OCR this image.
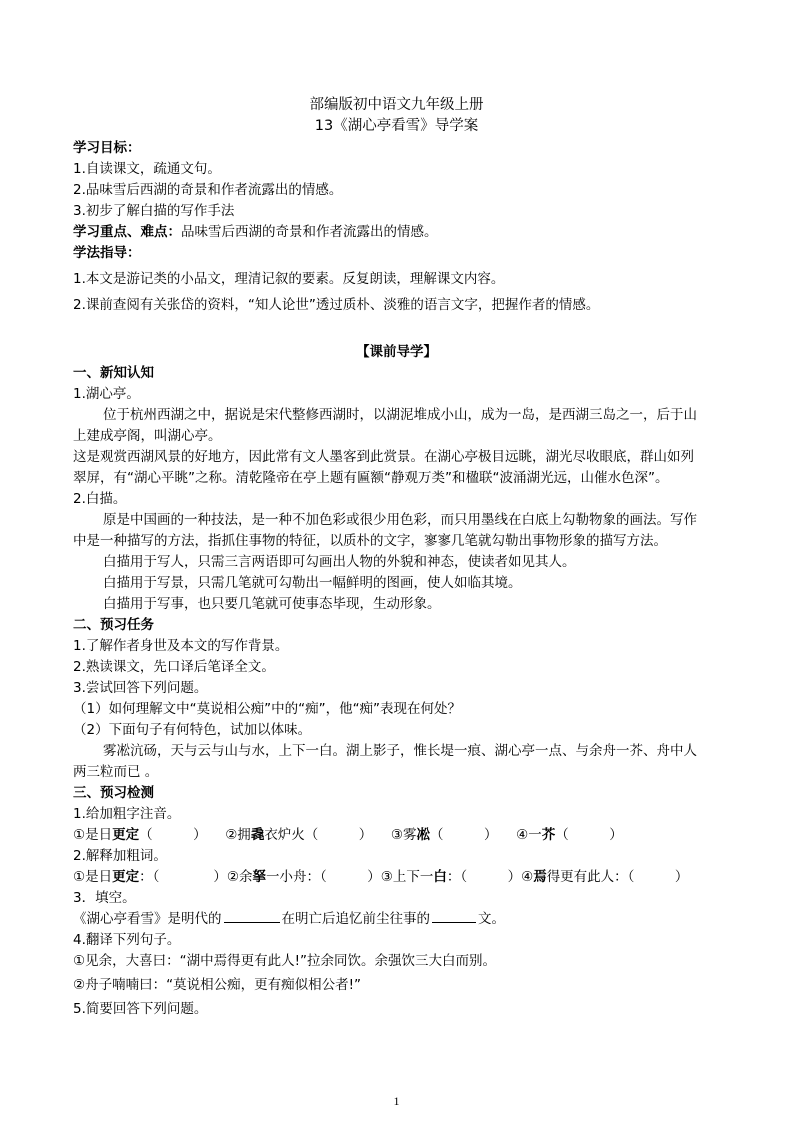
部编版初中语文九年级上册
13《湖心亭看雪》导学案
学习目标：
1.自读课文，疏通文句。
2.品味雪后西湖的奇景和作者流露出的情感。
3.初步了解白描的写作手法
学习重点、难点：品味雪后西湖的奇景和作者流露出的情感。
学法指导：
1.本文是游记类的小品文，理清记叙的要素。反复朗读，理解课文内容。
2.课前查阅有关张岱的资料，“知人论世”透过质朴、淡雅的语言文字，把握作者的情感。
【课前导学】
一、新知认知
1.湖心亭。
位于杭州西湖之中，据说是宋代整修西湖时，以湖泥堆成小山，成为一岛，是西湖三岛之一，后于山
上建成亭阁，叫湖心亭。
这是观赏西湖风景的好地方，因此常有文人墨客到此赏景。在湖心亭极目远眺，湖光尽收眼底，群山如列
翠屏，有“湖心平眺”之称。清乾隆帝在亭上题有匾额“静观万类”和楹联“波涌湖光远，山催水色深”。
2.白描。
原是中国画的一种技法，是一种不加色彩或很少用色彩，而只用墨线在白底上勾勒物象的画法。写作
中是一种描写的方法，指抓住事物的特征，以质朴的文字，寥寥几笔就勾勒出事物形象的描写方法。
白描用于写人，只需三言两语即可勾画出人物的外貌和神态，使读者如见其人。
白描用于写景，只需几笔就可勾勒出一幅鲜明的图画，使人如临其境。
白描用于写事，也只要几笔就可使事态毕现，生动形象。
二、预习任务
1.了解作者身世及本文的写作背景。
2.熟读课文，先口译后笔译全文。
3.尝试回答下列问题。
（1）如何理解文中“莫说相公痴”中的“痴”，他“痴”表现在何处？
（2）下面句子有何特色，试加以体味。
雾凇沆砀，天与云与山与水，上下一白。湖上影子，惟长堤一痕、湖心亭一点、与余舟一芥、舟中人
两三粒而已 。
三、预习检测
1.给加粗字注音。
①是日更定（　　　） ②拥毳衣炉火（　　　） ③雾凇（　　　） ④一芥（　　　）
2.解释加粗词。
①是日更定：（　　　　）②余拏一小舟：（　　　）③上下一白：（　　　）④焉得更有此人：（　　　）
3．填空。
《湖心亭看雪》是明代的	在明亡后追忆前尘往事的	文。
4.翻译下列句子。
①见余，大喜曰：“湖中焉得更有此人!”拉余同饮。余强饮三大白而别。
②舟子喃喃曰：“莫说相公痴，更有痴似相公者!”
5.简要回答下列问题。
1
